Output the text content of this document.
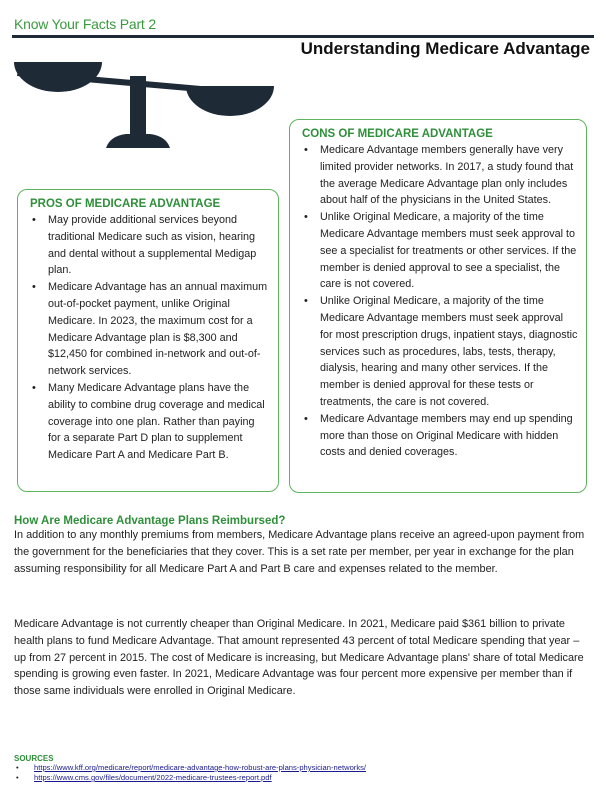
Know Your Facts Part 2
Understanding Medicare Advantage
PROS OF MEDICARE ADVANTAGE
• May provide additional services beyond traditional Medicare such as vision, hearing and dental without a supplemental Medigap plan.
• Medicare Advantage has an annual maximum out-of-pocket payment, unlike Original Medicare. In 2023, the maximum cost for a Medicare Advantage plan is $8,300 and $12,450 for combined in-network and out-of-network services.
• Many Medicare Advantage plans have the ability to combine drug coverage and medical coverage into one plan. Rather than paying for a separate Part D plan to supplement Medicare Part A and Medicare Part B.
CONS OF MEDICARE ADVANTAGE
• Medicare Advantage members generally have very limited provider networks. In 2017, a study found that the average Medicare Advantage plan only includes about half of the physicians in the United States.
• Unlike Original Medicare, a majority of the time Medicare Advantage members must seek approval to see a specialist for treatments or other services. If the member is denied approval to see a specialist, the care is not covered.
• Unlike Original Medicare, a majority of the time Medicare Advantage members must seek approval for most prescription drugs, inpatient stays, diagnostic services such as procedures, labs, tests, therapy, dialysis, hearing and many other services. If the member is denied approval for these tests or treatments, the care is not covered.
• Medicare Advantage members may end up spending more than those on Original Medicare with hidden costs and denied coverages.
How Are Medicare Advantage Plans Reimbursed?

In addition to any monthly premiums from members, Medicare Advantage plans receive an agreed-upon payment from the government for the beneficiaries that they cover. This is a set rate per member, per year in exchange for the plan assuming responsibility for all Medicare Part A and Part B care and expenses related to the member.

Medicare Advantage is not currently cheaper than Original Medicare. In 2021, Medicare paid $361 billion to private health plans to fund Medicare Advantage. That amount represented 43 percent of total Medicare spending that year – up from 27 percent in 2015. The cost of Medicare is increasing, but Medicare Advantage plans' share of total Medicare spending is growing even faster. In 2021, Medicare Advantage was four percent more expensive per member than if those same individuals were enrolled in Original Medicare.

SOURCES
• https://www.kff.org/medicare/report/medicare-advantage-how-robust-are-plans-physician-networks/
• https://www.cms.gov/files/document/2022-medicare-trustees-report.pdf
